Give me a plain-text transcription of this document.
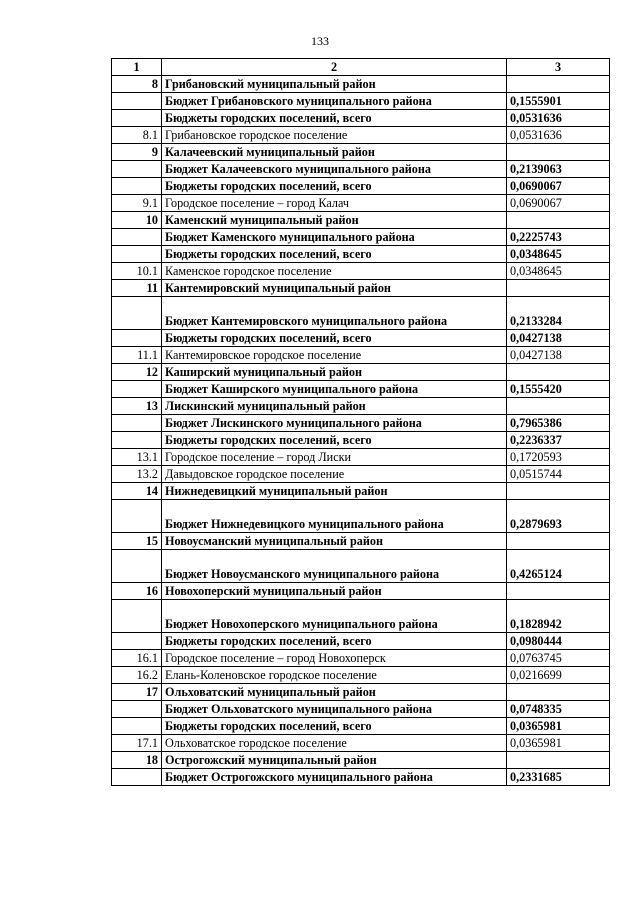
133
1	2	3
8	Грибановский муниципальный район	
	Бюджет Грибановского муниципального района	0,1555901
	Бюджеты городских поселений, всего	0,0531636
8.1	Грибановское городское поселение	0,0531636
9	Калачеевский муниципальный район	
	Бюджет Калачеевского муниципального района	0,2139063
	Бюджеты городских поселений, всего	0,0690067
9.1	Городское поселение – город Калач	0,0690067
10	Каменский муниципальный район	
	Бюджет Каменского муниципального района	0,2225743
	Бюджеты городских поселений, всего	0,0348645
10.1	Каменское городское поселение	0,0348645
11	Кантемировский муниципальный район	
	Бюджет Кантемировского муниципального района	0,2133284
	Бюджеты городских поселений, всего	0,0427138
11.1	Кантемировское городское поселение	0,0427138
12	Каширский муниципальный район	
	Бюджет Каширского муниципального района	0,1555420
13	Лискинский муниципальный район	
	Бюджет Лискинского муниципального района	0,7965386
	Бюджеты городских поселений, всего	0,2236337
13.1	Городское поселение – город Лиски	0,1720593
13.2	Давыдовское городское поселение	0,0515744
14	Нижнедевицкий муниципальный район	
	Бюджет Нижнедевицкого муниципального района	0,2879693
15	Новоусманский муниципальный район	
	Бюджет Новоусманского муниципального района	0,4265124
16	Новохоперский муниципальный район	
	Бюджет Новохоперского муниципального района	0,1828942
	Бюджеты городских поселений, всего	0,0980444
16.1	Городское поселение – город Новохоперск	0,0763745
16.2	Елань-Коленовское городское поселение	0,0216699
17	Ольховатский муниципальный район	
	Бюджет Ольховатского муниципального района	0,0748335
	Бюджеты городских поселений, всего	0,0365981
17.1	Ольховатское городское поселение	0,0365981
18	Острогожский муниципальный район	
	Бюджет Острогожского муниципального района	0,2331685
